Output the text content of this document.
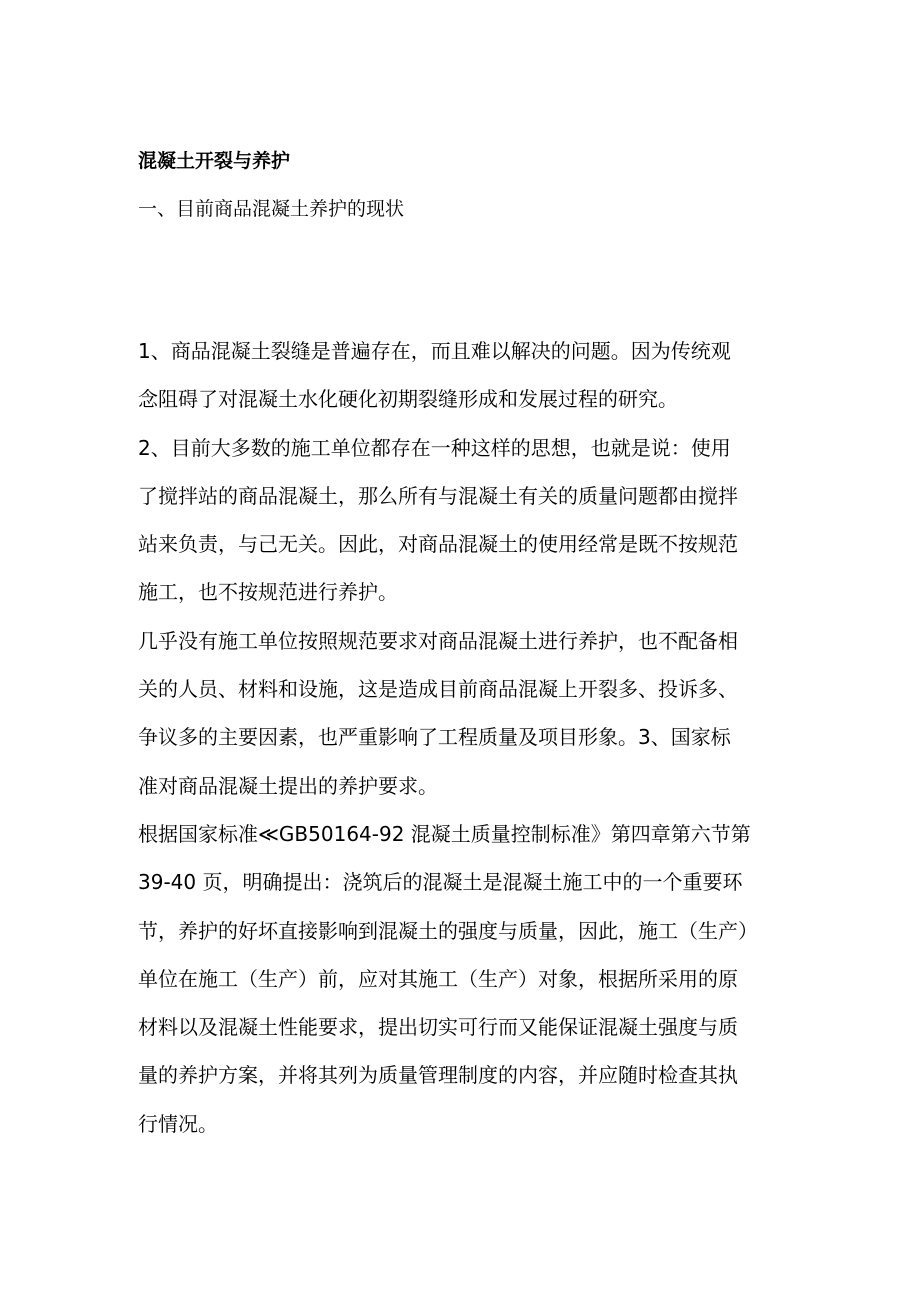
混凝土开裂与养护
一、目前商品混凝土养护的现状
1、商品混凝土裂缝是普遍存在，而且难以解决的问题。因为传统观
念阻碍了对混凝土水化硬化初期裂缝形成和发展过程的研究。
2、目前大多数的施工单位都存在一种这样的思想，也就是说：使用
了搅拌站的商品混凝土，那么所有与混凝土有关的质量问题都由搅拌
站来负责，与己无关。因此，对商品混凝土的使用经常是既不按规范
施工，也不按规范进行养护。
几乎没有施工单位按照规范要求对商品混凝土进行养护，也不配备相
关的人员、材料和设施，这是造成目前商品混凝上开裂多、投诉多、
争议多的主要因素，也严重影响了工程质量及项目形象。3、国家标
准对商品混凝土提出的养护要求。
根据国家标准≪GB50164-92 混凝土质量控制标准》第四章第六节第
39-40 页，明确提出：浇筑后的混凝土是混凝土施工中的一个重要环
节，养护的好坏直接影响到混凝土的强度与质量，因此，施工（生产）
单位在施工（生产）前，应对其施工（生产）对象，根据所采用的原
材料以及混凝土性能要求，提出切实可行而又能保证混凝土强度与质
量的养护方案，并将其列为质量管理制度的内容，并应随时检查其执
行情况。
